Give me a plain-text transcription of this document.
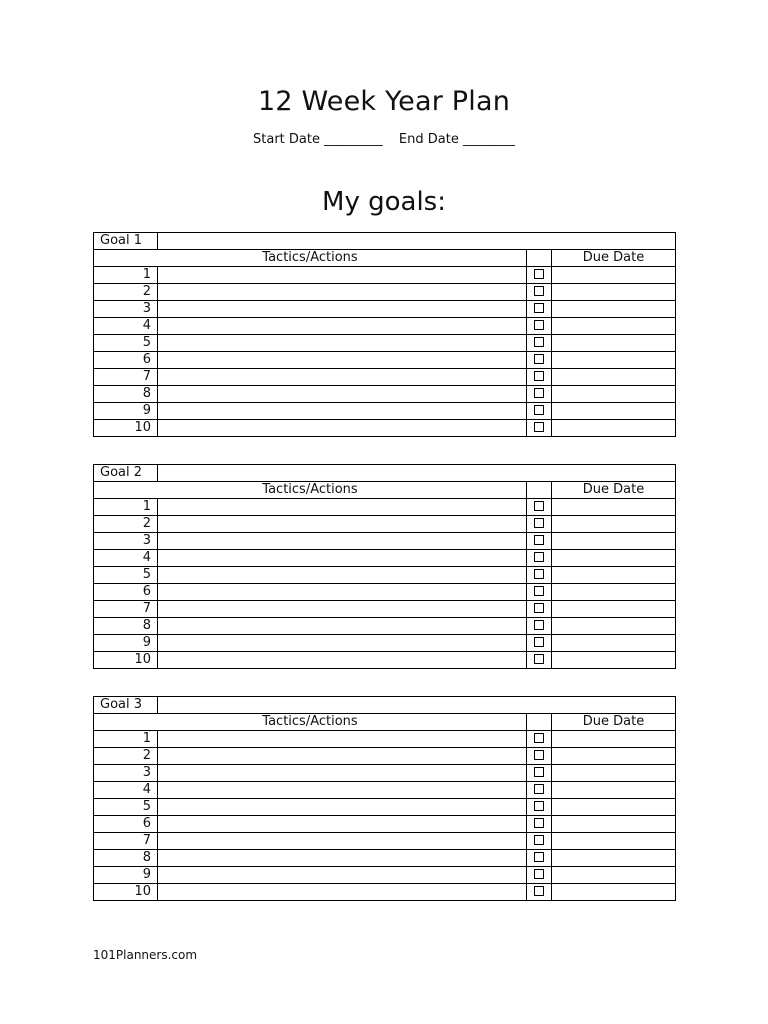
12 Week Year Plan
Start Date _________ End Date ________
My goals:
Goal 1			
Tactics/Actions			Due Date
1			
2			
3			
4			
5			
6			
7			
8			
9			
10			
Goal 2			
Tactics/Actions			Due Date
1			
2			
3			
4			
5			
6			
7			
8			
9			
10			
Goal 3			
Tactics/Actions			Due Date
1			
2			
3			
4			
5			
6			
7			
8			
9			
10			
101Planners.com
